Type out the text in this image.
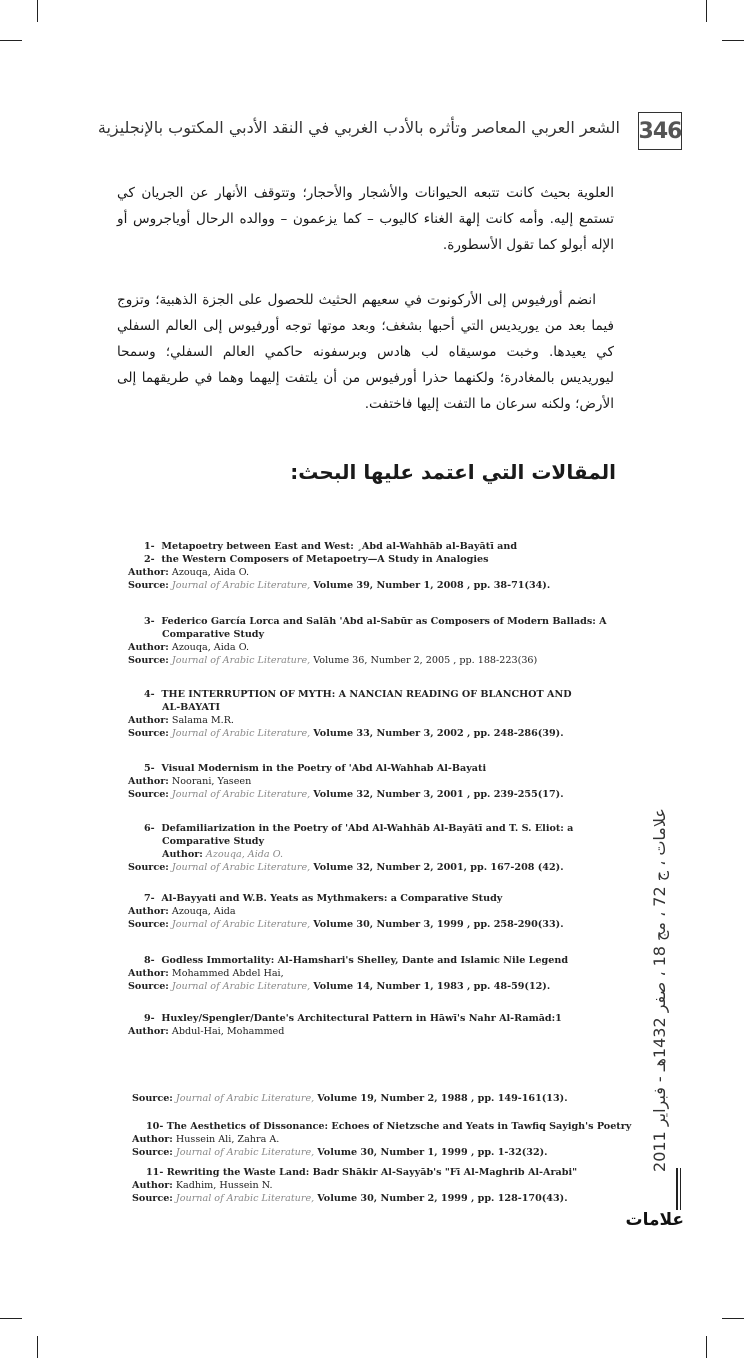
346
الشعر العربي المعاصر وتأثره بالأدب الغربي في النقد الأدبي المكتوب بالإنجليزية
العلوية بحيث كانت تتبعه الحيوانات والأشجار والأحجار؛ وتتوقف الأنهار عن الجريان كي تستمع إليه. وأمه كانت إلهة الغناء كاليوب – كما يزعمون – ووالده الرحال أوياجروس أو الإله أبولو كما تقول الأسطورة.
انضم أورفيوس إلى الأركونوت في سعيهم الحثيث للحصول على الجزة الذهبية؛ وتزوج فيما بعد من يوريديس التي أحبها بشغف؛ وبعد موتها توجه أورفيوس إلى العالم السفلي كي يعيدها. وخبت موسيقاه لب هادس وبرسفونه حاكمي العالم السفلي؛ وسمحا ليوريديس بالمغادرة؛ ولكنهما حذرا أورفيوس من أن يلتفت إليهما وهما في طريقهما إلى الأرض؛ ولكنه سرعان ما التفت إليها فاختفت.
المقالات التي اعتمد عليها البحث:
1- Metapoetry between East and West: ¸Abd al-Wahhāb al-Bayātī and
2- the Western Composers of Metapoetry—A Study in Analogies
Author: Azouqa, Aida O.
Source: Journal of Arabic Literature, Volume 39, Number 1, 2008 , pp. 38-71(34).
3- Federico García Lorca and Salāh 'Abd al-Sabūr as Composers of Modern Ballads: A
Comparative Study
Author: Azouqa, Aida O.
Source: Journal of Arabic Literature, Volume 36, Number 2, 2005 , pp. 188-223(36)
4- THE INTERRUPTION OF MYTH: A NANCIAN READING OF BLANCHOT AND
AL-BAYATI
Author: Salama M.R.
Source: Journal of Arabic Literature, Volume 33, Number 3, 2002 , pp. 248-286(39).
5- Visual Modernism in the Poetry of 'Abd Al-Wahhab Al-Bayati
Author: Noorani, Yaseen
Source: Journal of Arabic Literature, Volume 32, Number 3, 2001 , pp. 239-255(17).
6- Defamiliarization in the Poetry of 'Abd Al-Wahhāb Al-Bayātī and T. S. Eliot: a
Comparative Study
Author: Azouqa, Aida O.
Source: Journal of Arabic Literature, Volume 32, Number 2, 2001, pp. 167-208 (42).
7- Al-Bayyati and W.B. Yeats as Mythmakers: a Comparative Study
Author: Azouqa, Aida
Source: Journal of Arabic Literature, Volume 30, Number 3, 1999 , pp. 258-290(33).
8- Godless Immortality: Al-Hamshari's Shelley, Dante and Islamic Nile Legend
Author: Mohammed Abdel Hai,
Source: Journal of Arabic Literature, Volume 14, Number 1, 1983 , pp. 48-59(12).
9- Huxley/Spengler/Dante's Architectural Pattern in Hāwī's Nahr Al-Ramād:1
Author: Abdul-Hai, Mohammed
Source: Journal of Arabic Literature, Volume 19, Number 2, 1988 , pp. 149-161(13).
10- The Aesthetics of Dissonance: Echoes of Nietzsche and Yeats in Tawfiq Sayigh's Poetry
Author: Hussein Ali, Zahra A.
Source: Journal of Arabic Literature, Volume 30, Number 1, 1999 , pp. 1-32(32).
11- Rewriting the Waste Land: Badr Shākir Al-Sayyāb's "Fī Al-Maghrib Al-Arabi"
Author: Kadhim, Hussein N.
Source: Journal of Arabic Literature, Volume 30, Number 2, 1999 , pp. 128-170(43).
علامات ، ج 72 ، مج 18 ، صفر 1432هـ - فبراير 2011
علامات
